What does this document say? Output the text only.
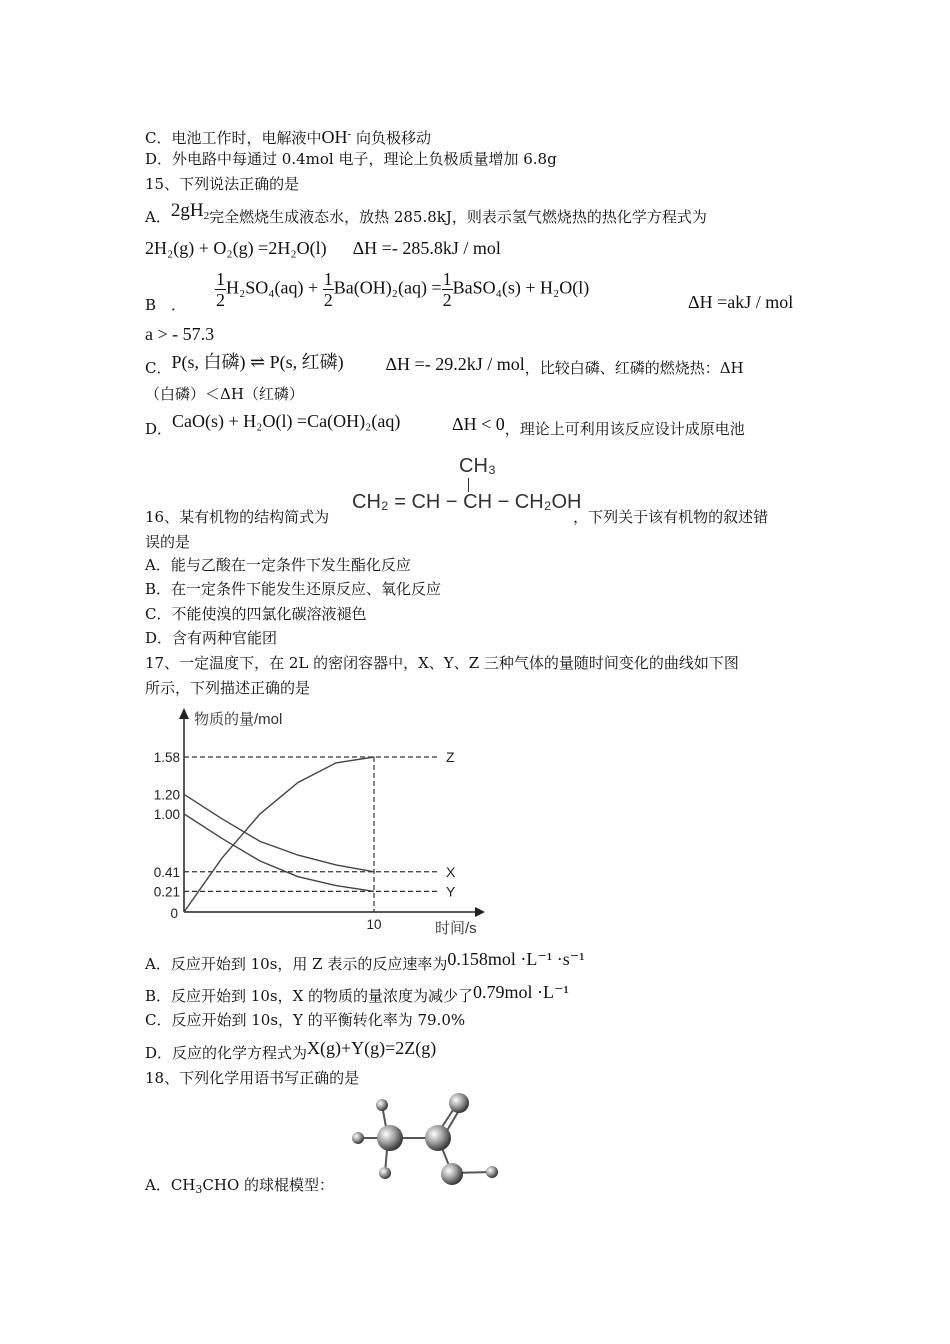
C．电池工作时，电解液中OH- 向负极移动
D．外电路中每通过 0.4mol 电子，理论上负极质量增加 6.8g
15、下列说法正确的是
A．$2gH_2$完全燃烧生成液态水，放热 285.8kJ，则表示氢气燃烧热的热化学方程式为
2H₂(g) + O₂(g) =2H₂O(l) ΔH =- 285.8kJ / mol
B　． $\frac{1}{2} H_2SO_4(aq) + \frac{1}{2} Ba(OH)_2(aq) = \frac{1}{2}$ BaSO₄(s) + H₂O(l)
ΔH =akJ / mol
a > - 57.3
C．P(s, 白磷) ⇌ P(s, 红磷) ΔH =- 29.2kJ / mol，比较白磷、红磷的燃烧热：ΔH
（白磷）＜ΔH（红磷）
D．CaO(s) + H₂O(l) =Ca(OH)₂(aq)	ΔH < 0，理论上可利用该反应设计成原电池
CH₃
CH₂ = CH − CH − CH₂OH
16、某有机物的结构简式为	，下列关于该有机物的叙述错
误的是
A．能与乙酸在一定条件下发生酯化反应
B．在一定条件下能发生还原反应、氧化反应
C．不能使溴的四氯化碳溶液褪色
D．含有两种官能团
17、一定温度下，在 2L 的密闭容器中，X、Y、Z 三种气体的量随时间变化的曲线如下图
所示，下列描述正确的是
物质的量/mol
时间/s
0.21
0.41
1.00
1.20
1.58
0
10
Z
X
Y
A．反应开始到 10s，用 Z 表示的反应速率为0.158mol ·L⁻¹ ·s⁻¹
B．反应开始到 10s，X 的物质的量浓度为减少了0.79mol ·L⁻¹
C．反应开始到 10s，Y 的平衡转化率为 79.0%
D．反应的化学方程式为X(g)+Y(g)=2Z(g)
18、下列化学用语书写正确的是
A．$CH_3CHO$ 的球棍模型：
